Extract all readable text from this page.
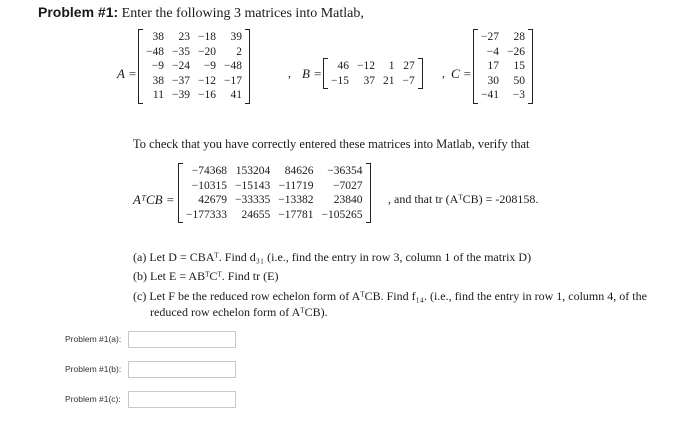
Problem #1: Enter the following 3 matrices into Matlab,
A =
38	23	−18	39
−48	−35	−20	2
−9	−24	−9	−48
38	−37	−12	−17
11	−39	−16	41
, B = 46	−12	1	27
−15	37	21	−7
, C =
−27	28
−4	−26
17	15
30	50
−41	−3
To check that you have correctly entered these matrices into Matlab, verify that
AᵀCB =
−74368	153204	84626	−36354
−10315	−15143	−11719	−7027
42679	−33335	−13382	23840
−177333	24655	−17781	−105265
, and that tr (AᵀCB) = -208158.
(a) Let D = CBAᵀ. Find d₃₁ (i.e., find the entry in row 3, column 1 of the matrix D)
(b) Let E = ABᵀCᵀ. Find tr (E)
(c) Let F be the reduced row echelon form of AᵀCB. Find f₁₄. (i.e., find the entry in row 1, column 4, of the
reduced row echelon form of AᵀCB).
Problem #1(a):
Problem #1(b):
Problem #1(c):
